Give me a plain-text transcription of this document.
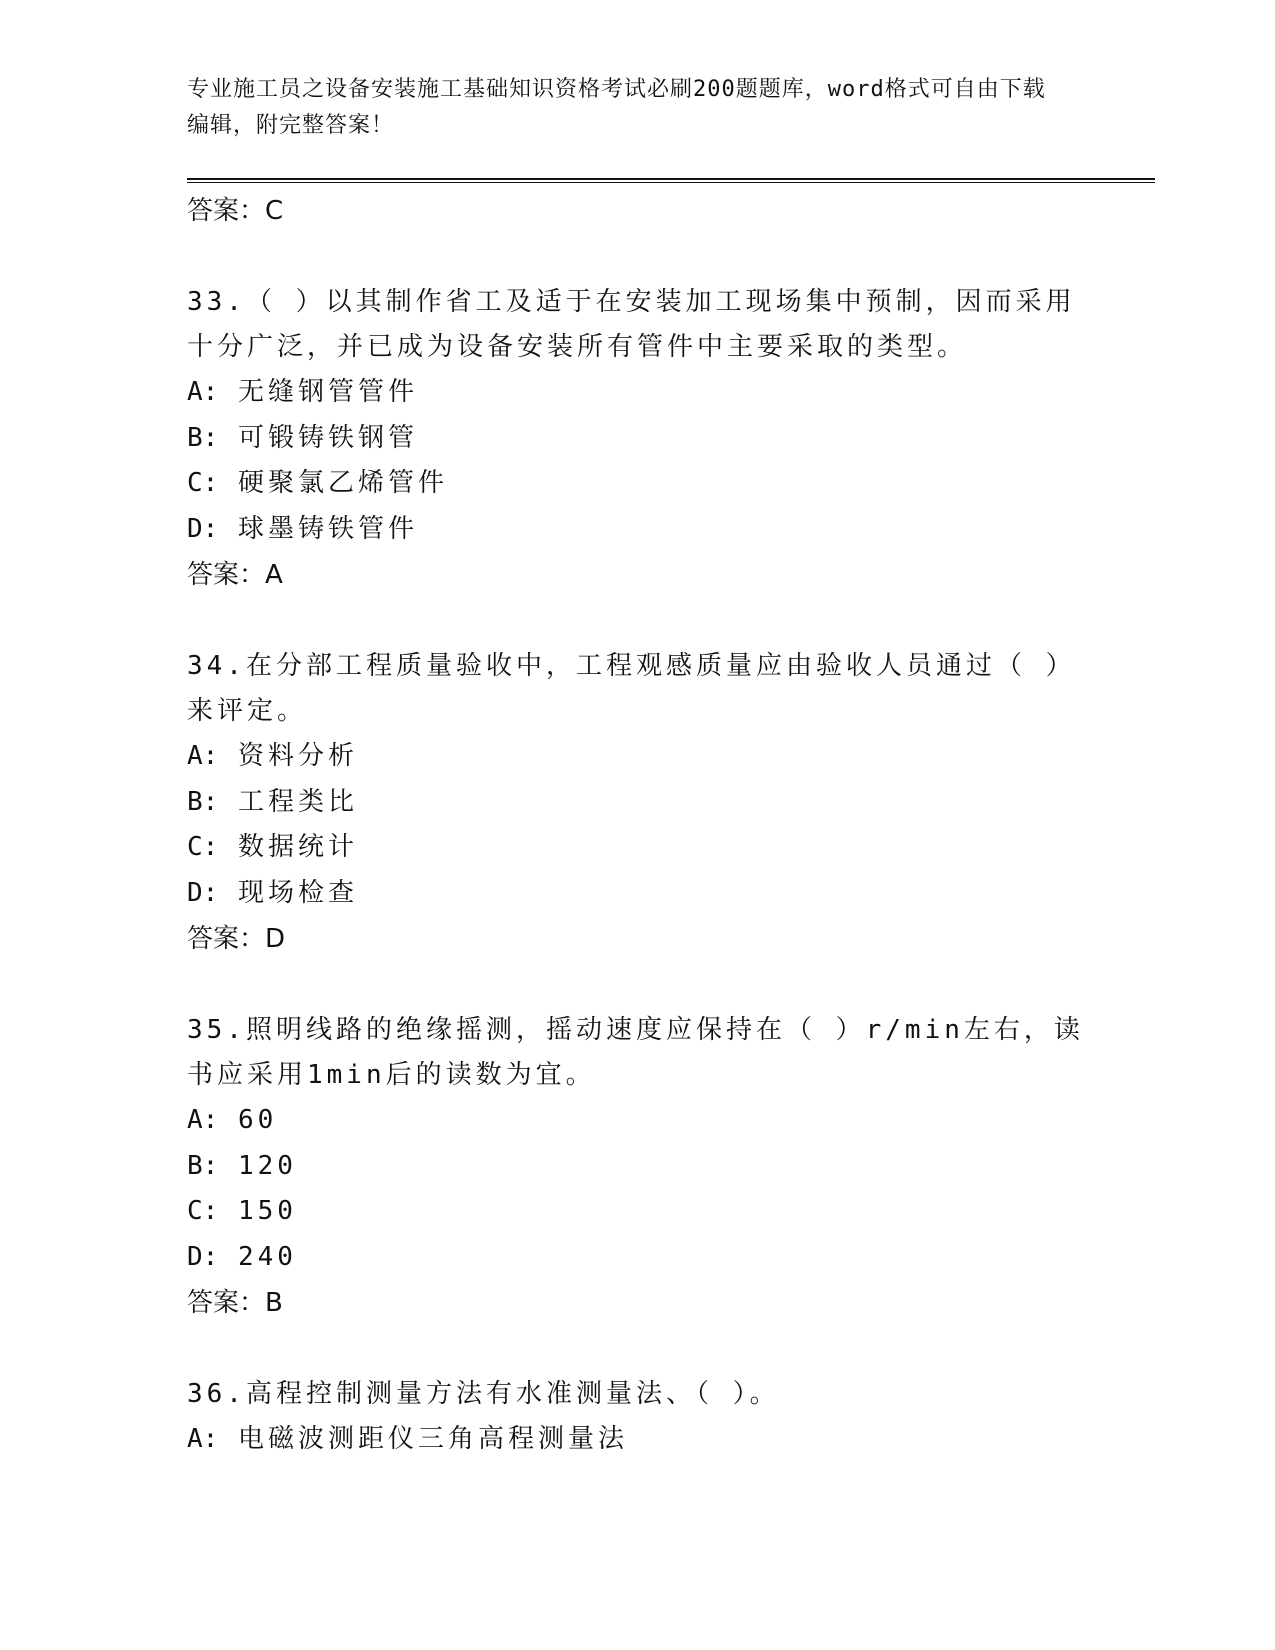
专业施工员之设备安装施工基础知识资格考试必刷200题题库，word格式可自由下载编辑，附完整答案！
答案：C
33.（ ）以其制作省工及适于在安装加工现场集中预制，因而采用十分广泛，并已成为设备安装所有管件中主要采取的类型。
A: 无缝钢管管件
B: 可锻铸铁钢管
C: 硬聚氯乙烯管件
D: 球墨铸铁管件
答案：A
34.在分部工程质量验收中，工程观感质量应由验收人员通过（ ）来评定。
A: 资料分析
B: 工程类比
C: 数据统计
D: 现场检查
答案：D
35.照明线路的绝缘摇测，摇动速度应保持在（ ）r/min左右，读书应采用1min后的读数为宜。
A: 60
B: 120
C: 150
D: 240
答案：B
36.高程控制测量方法有水准测量法、（ ）。
A: 电磁波测距仪三角高程测量法
